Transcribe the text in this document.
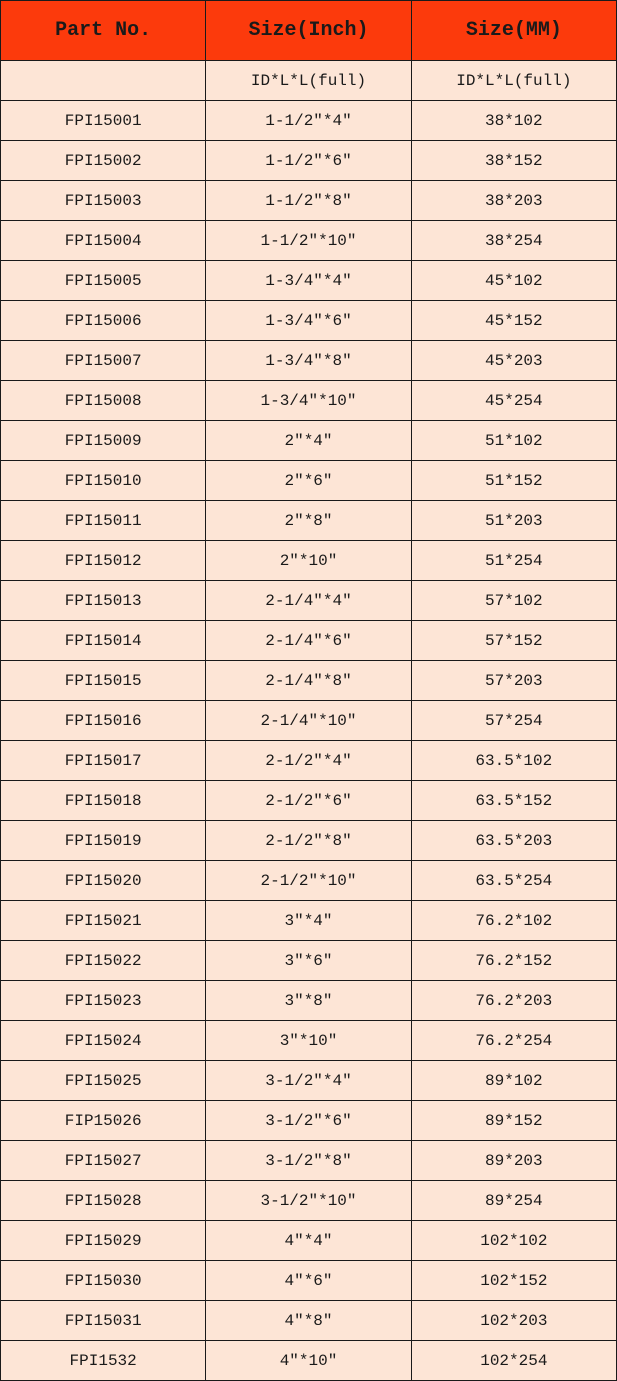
Part No.	Size(Inch)	Size(MM)
	ID*L*L(full)	ID*L*L(full)
FPI15001	1-1/2"*4"	38*102
FPI15002	1-1/2"*6"	38*152
FPI15003	1-1/2"*8"	38*203
FPI15004	1-1/2"*10"	38*254
FPI15005	1-3/4"*4"	45*102
FPI15006	1-3/4"*6"	45*152
FPI15007	1-3/4"*8"	45*203
FPI15008	1-3/4"*10"	45*254
FPI15009	2"*4"	51*102
FPI15010	2"*6"	51*152
FPI15011	2"*8"	51*203
FPI15012	2"*10"	51*254
FPI15013	2-1/4"*4"	57*102
FPI15014	2-1/4"*6"	57*152
FPI15015	2-1/4"*8"	57*203
FPI15016	2-1/4"*10"	57*254
FPI15017	2-1/2"*4"	63.5*102
FPI15018	2-1/2"*6"	63.5*152
FPI15019	2-1/2"*8"	63.5*203
FPI15020	2-1/2"*10"	63.5*254
FPI15021	3"*4"	76.2*102
FPI15022	3"*6"	76.2*152
FPI15023	3"*8"	76.2*203
FPI15024	3"*10"	76.2*254
FPI15025	3-1/2"*4"	89*102
FIP15026	3-1/2"*6"	89*152
FPI15027	3-1/2"*8"	89*203
FPI15028	3-1/2"*10"	89*254
FPI15029	4"*4"	102*102
FPI15030	4"*6"	102*152
FPI15031	4"*8"	102*203
FPI1532	4"*10"	102*254
